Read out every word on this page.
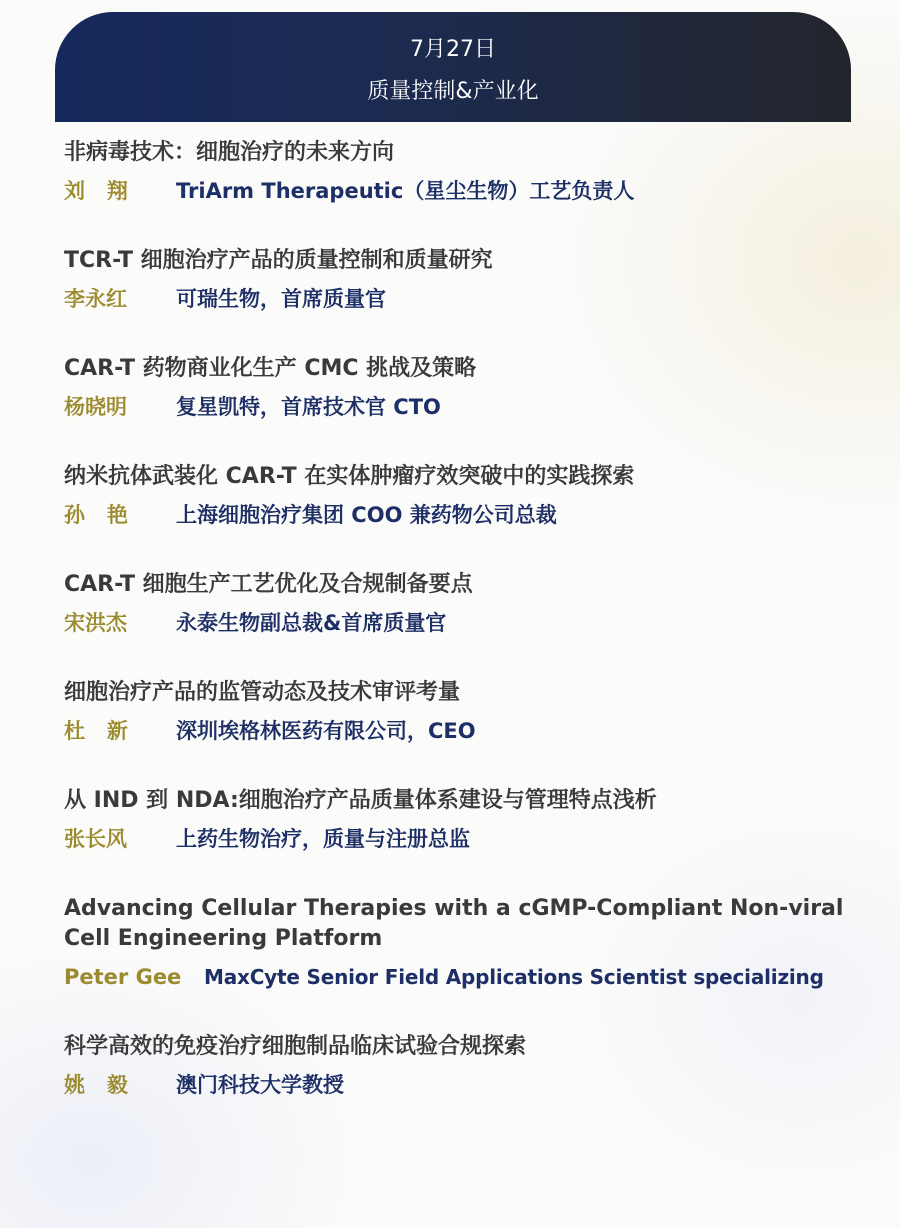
7月27日
质量控制&产业化

非病毒技术：细胞治疗的未来方向

刘   翔	TriArm Therapeutic（星尘生物）工艺负责人

TCR-T 细胞治疗产品的质量控制和质量研究

李永红	可瑞生物，首席质量官

CAR-T 药物商业化生产 CMC 挑战及策略

杨晓明	复星凯特，首席技术官 CTO

纳米抗体武装化 CAR-T 在实体肿瘤疗效突破中的实践探索

孙   艳	上海细胞治疗集团 COO 兼药物公司总裁

CAR-T 细胞生产工艺优化及合规制备要点

宋洪杰	永泰生物副总裁&首席质量官

细胞治疗产品的监管动态及技术审评考量

杜   新	深圳埃格林医药有限公司，CEO

从 IND 到 NDA:细胞治疗产品质量体系建设与管理特点浅析

张长风	上药生物治疗，质量与注册总监

Advancing Cellular Therapies with a cGMP-Compliant Non-viral Cell Engineering Platform

Peter Gee	MaxCyte Senior Field Applications Scientist specializing

科学高效的免疫治疗细胞制品临床试验合规探索

姚   毅	澳门科技大学教授
